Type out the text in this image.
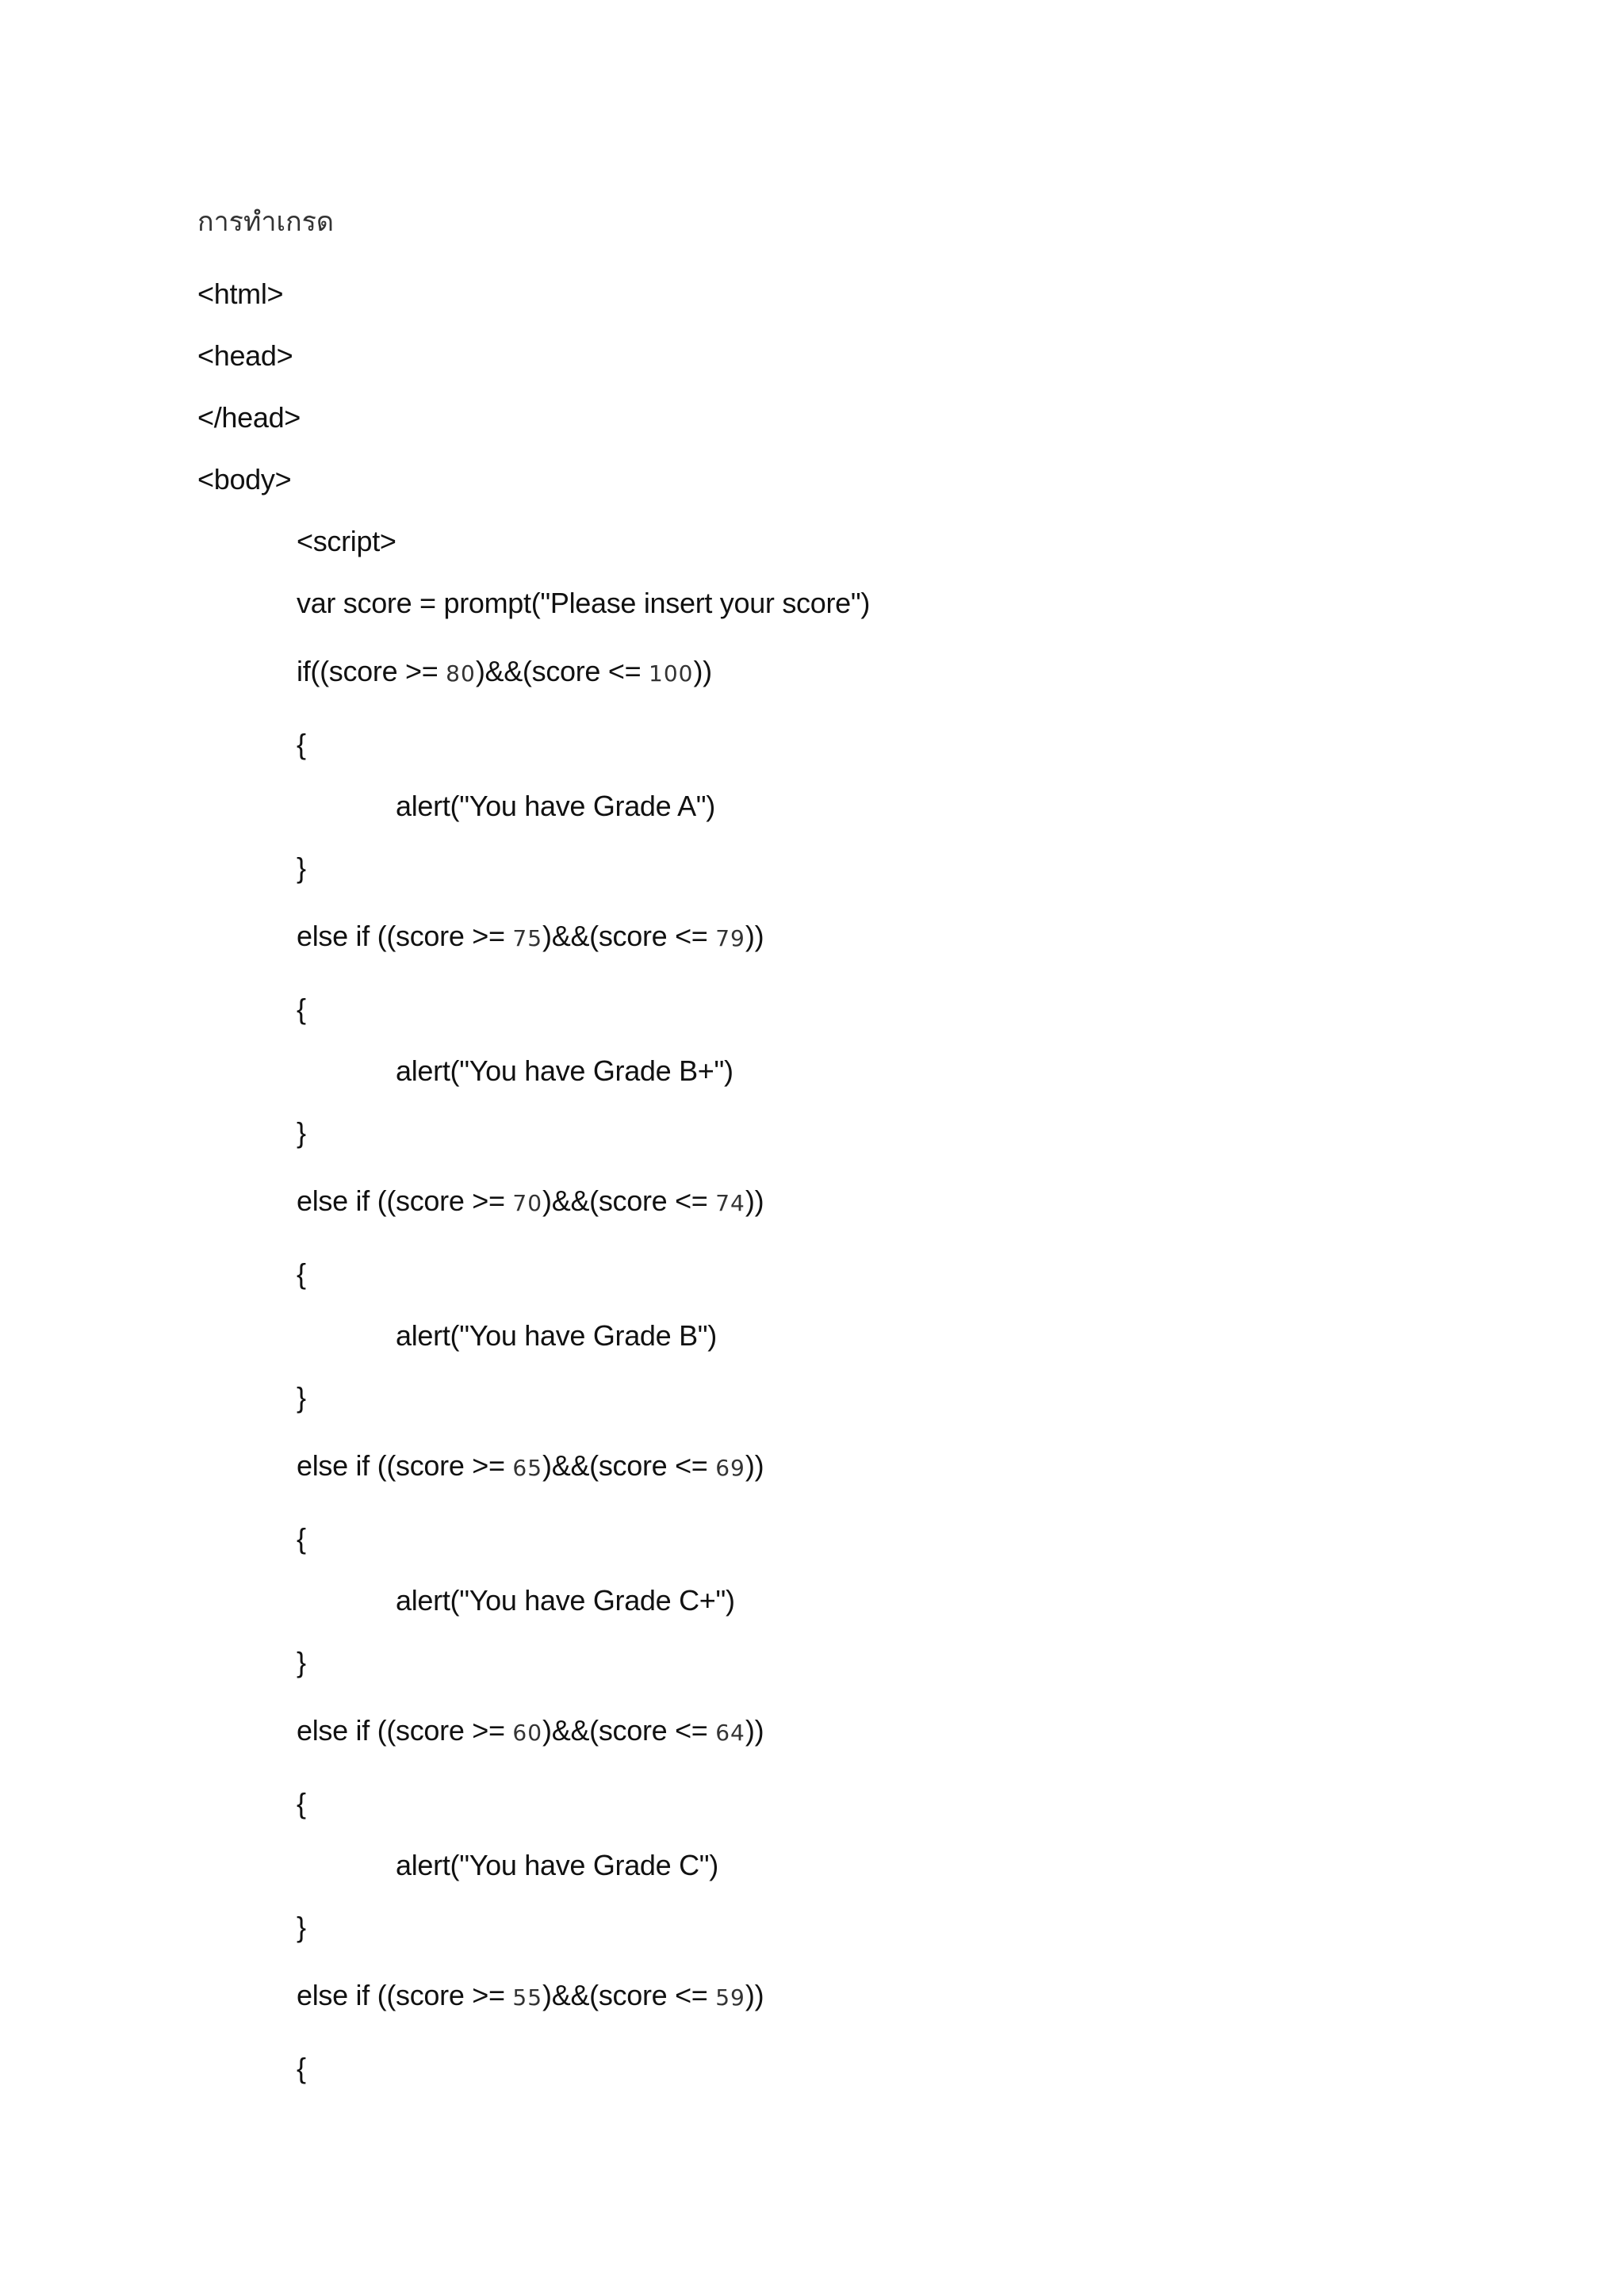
การทำเกรด
<html>
<head>
</head>
<body>
<script>
var score = prompt("Please insert your score")
if((score >= 80)&&(score <= 100))
{
alert("You have Grade A")
}
else if ((score >= 75)&&(score <= 79))
{
alert("You have Grade B+")
}
else if ((score >= 70)&&(score <= 74))
{
alert("You have Grade B")
}
else if ((score >= 65)&&(score <= 69))
{
alert("You have Grade C+")
}
else if ((score >= 60)&&(score <= 64))
{
alert("You have Grade C")
}
else if ((score >= 55)&&(score <= 59))
{
